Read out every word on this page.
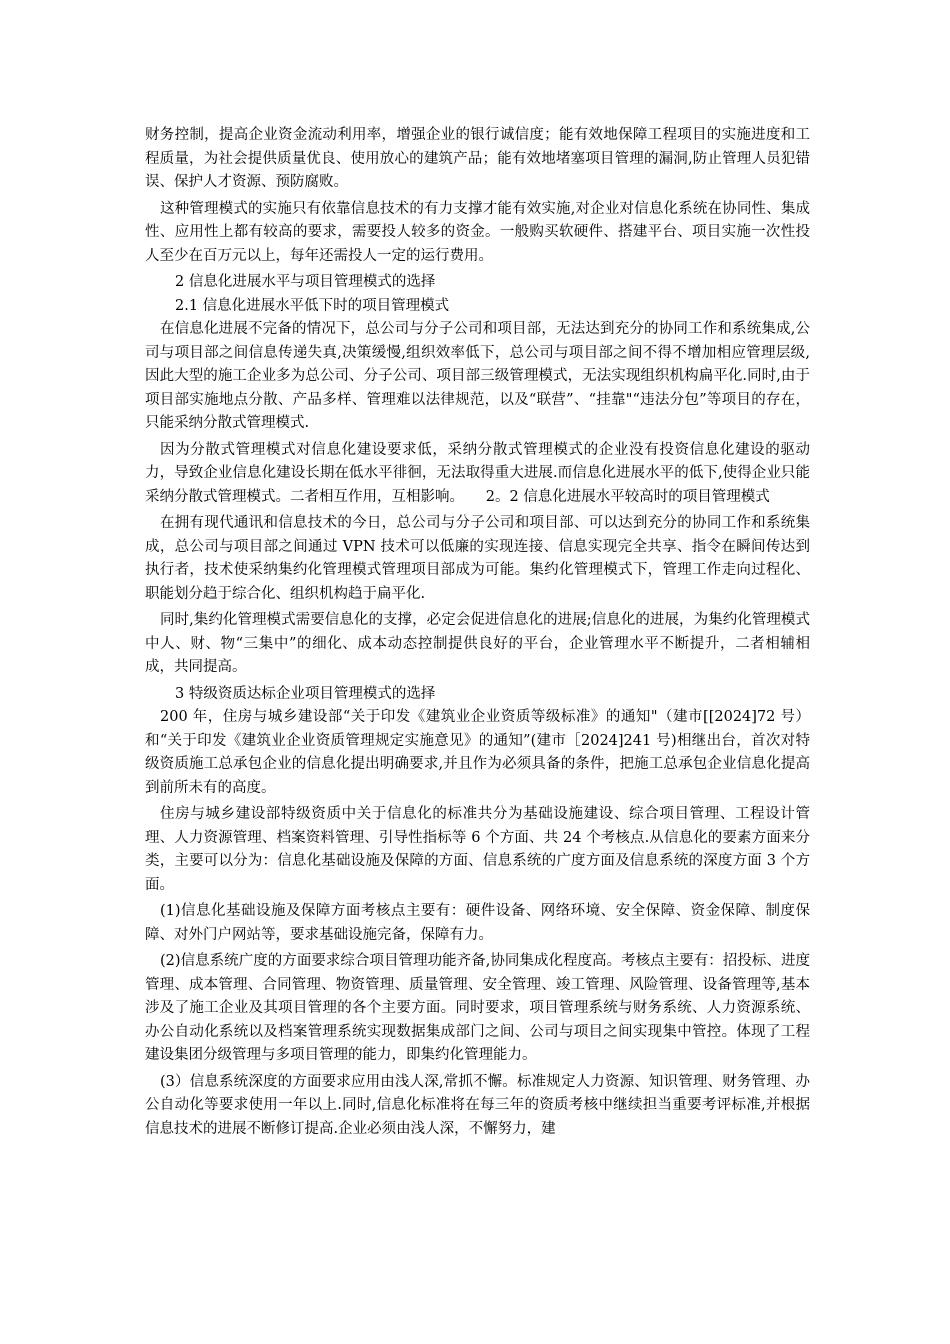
财务控制，提高企业资金流动利用率，增强企业的银行诚信度；能有效地保障工程项目的实施进度和工程质量，为社会提供质量优良、使用放心的建筑产品；能有效地堵塞项目管理的漏洞,防止管理人员犯错误、保护人才资源、预防腐败。

这种管理模式的实施只有依靠信息技术的有力支撑才能有效实施,对企业对信息化系统在协同性、集成性、应用性上都有较高的要求，需要投人较多的资金。一般购买软硬件、搭建平台、项目实施一次性投人至少在百万元以上，每年还需投人一定的运行费用。

2 信息化进展水平与项目管理模式的选择

2.1 信息化进展水平低下时的项目管理模式

在信息化进展不完备的情况下，总公司与分子公司和项目部，无法达到充分的协同工作和系统集成,公司与项目部之间信息传递失真,决策缓慢,组织效率低下，总公司与项目部之间不得不增加相应管理层级,因此大型的施工企业多为总公司、分子公司、项目部三级管理模式，无法实现组织机构扁平化.同时,由于项目部实施地点分散、产品多样、管理难以法律规范，以及“联营”、“挂靠"“违法分包”等项目的存在，只能采纳分散式管理模式.

因为分散式管理模式对信息化建设要求低，采纳分散式管理模式的企业没有投资信息化建设的驱动力，导致企业信息化建设长期在低水平徘徊，无法取得重大进展.而信息化进展水平的低下,使得企业只能采纳分散式管理模式。二者相互作用，互相影响。　　2。2 信息化进展水平较高时的项目管理模式

在拥有现代通讯和信息技术的今日，总公司与分子公司和项目部、可以达到充分的协同工作和系统集成，总公司与项目部之间通过 VPN 技术可以低廉的实现连接、信息实现完全共享、指令在瞬间传达到执行者，技术使采纳集约化管理模式管理项目部成为可能。集约化管理模式下，管理工作走向过程化、职能划分趋于综合化、组织机构趋于扁平化.

同时,集约化管理模式需要信息化的支撑，必定会促进信息化的进展;信息化的进展，为集约化管理模式中人、财、物“三集中”的细化、成本动态控制提供良好的平台，企业管理水平不断提升，二者相辅相成，共同提高。

3 特级资质达标企业项目管理模式的选择

200 年，住房与城乡建设部“关于印发《建筑业企业资质等级标准》的通知"（建市[[2024]72 号）和“关于印发《建筑业企业资质管理规定实施意见》的通知”(建市［2024]241 号)相继出台，首次对特级资质施工总承包企业的信息化提出明确要求,并且作为必须具备的条件，把施工总承包企业信息化提高到前所未有的高度。

住房与城乡建设部特级资质中关于信息化的标准共分为基础设施建设、综合项目管理、工程设计管理、人力资源管理、档案资料管理、引导性指标等 6 个方面、共 24 个考核点.从信息化的要素方面来分类，主要可以分为：信息化基础设施及保障的方面、信息系统的广度方面及信息系统的深度方面 3 个方面。

(1)信息化基础设施及保障方面考核点主要有：硬件设备、网络环境、安全保障、资金保障、制度保障、对外门户网站等，要求基础设施完备，保障有力。

(2)信息系统广度的方面要求综合项目管理功能齐备,协同集成化程度高。考核点主要有：招投标、进度管理、成本管理、合同管理、物资管理、质量管理、安全管理、竣工管理、风险管理、设备管理等,基本涉及了施工企业及其项目管理的各个主要方面。同时要求，项目管理系统与财务系统、人力资源系统、办公自动化系统以及档案管理系统实现数据集成部门之间、公司与项目之间实现集中管控。体现了工程建设集团分级管理与多项目管理的能力，即集约化管理能力。

(3）信息系统深度的方面要求应用由浅人深,常抓不懈。标准规定人力资源、知识管理、财务管理、办公自动化等要求使用一年以上.同时,信息化标准将在每三年的资质考核中继续担当重要考评标准,并根据信息技术的进展不断修订提高.企业必须由浅人深，不懈努力，建
